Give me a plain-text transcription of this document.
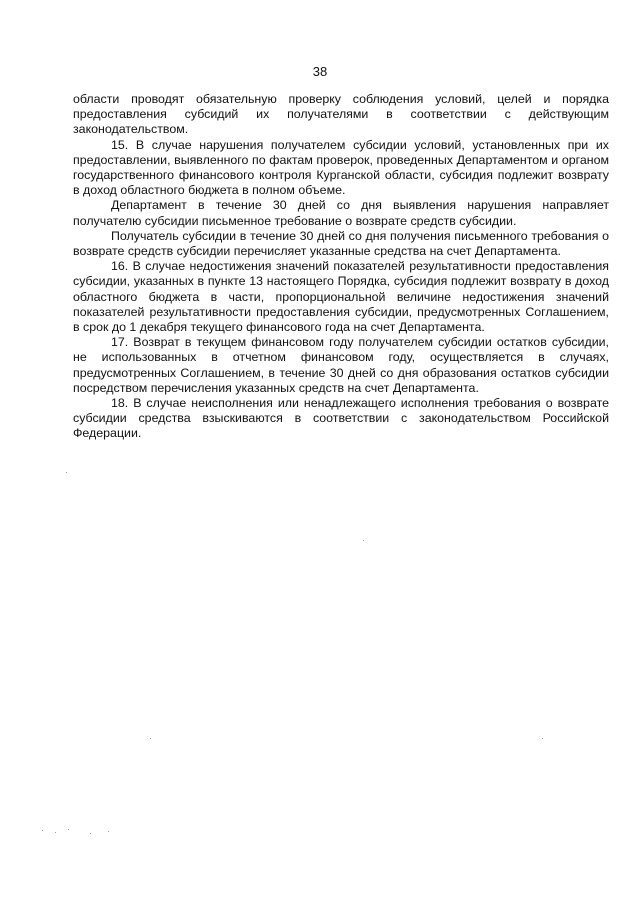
38

области проводят обязательную проверку соблюдения условий, целей и порядка предоставления субсидий их получателями в соответствии с действующим законодательством.

15. В случае нарушения получателем субсидии условий, установленных при их предоставлении, выявленного по фактам проверок, проведенных Департаментом и органом государственного финансового контроля Курганской области, субсидия подлежит возврату в доход областного бюджета в полном объеме.

Департамент в течение 30 дней со дня выявления нарушения направляет получателю субсидии письменное требование о возврате средств субсидии.

Получатель субсидии в течение 30 дней со дня получения письменного требования о возврате средств субсидии перечисляет указанные средства на счет Департамента.

16. В случае недостижения значений показателей результативности предоставления субсидии, указанных в пункте 13 настоящего Порядка, субсидия подлежит возврату в доход областного бюджета в части, пропорциональной величине недостижения значений показателей результативности предоставления субсидии, предусмотренных Соглашением, в срок до 1 декабря текущего финансового года на счет Департамента.

17. Возврат в текущем финансовом году получателем субсидии остатков субсидии, не использованных в отчетном финансовом году, осуществляется в случаях, предусмотренных Соглашением, в течение 30 дней со дня образования остатков субсидии посредством перечисления указанных средств на счет Департамента.

18. В случае неисполнения или ненадлежащего исполнения требования о возврате субсидии средства взыскиваются в соответствии с законодательством Российской Федерации.
